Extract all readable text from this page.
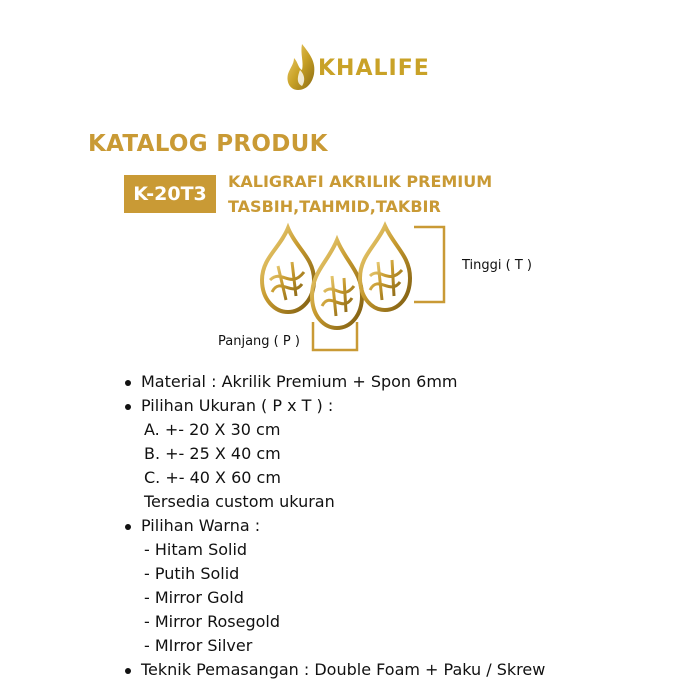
KHALIFE
KATALOG PRODUK
K-20T3
KALIGRAFI AKRILIK PREMIUM
TASBIH,TAHMID,TAKBIR
Tinggi ( T )
Panjang ( P )
Material : Akrilik Premium + Spon 6mm
Pilihan Ukuran ( P x T ) :
A. +- 20 X 30 cm
B. +- 25 X 40 cm
C. +- 40 X 60 cm
Tersedia custom ukuran
Pilihan Warna :
- Hitam Solid
- Putih Solid
- Mirror Gold
- Mirror Rosegold
- MIrror Silver
Teknik Pemasangan : Double Foam + Paku / Skrew
